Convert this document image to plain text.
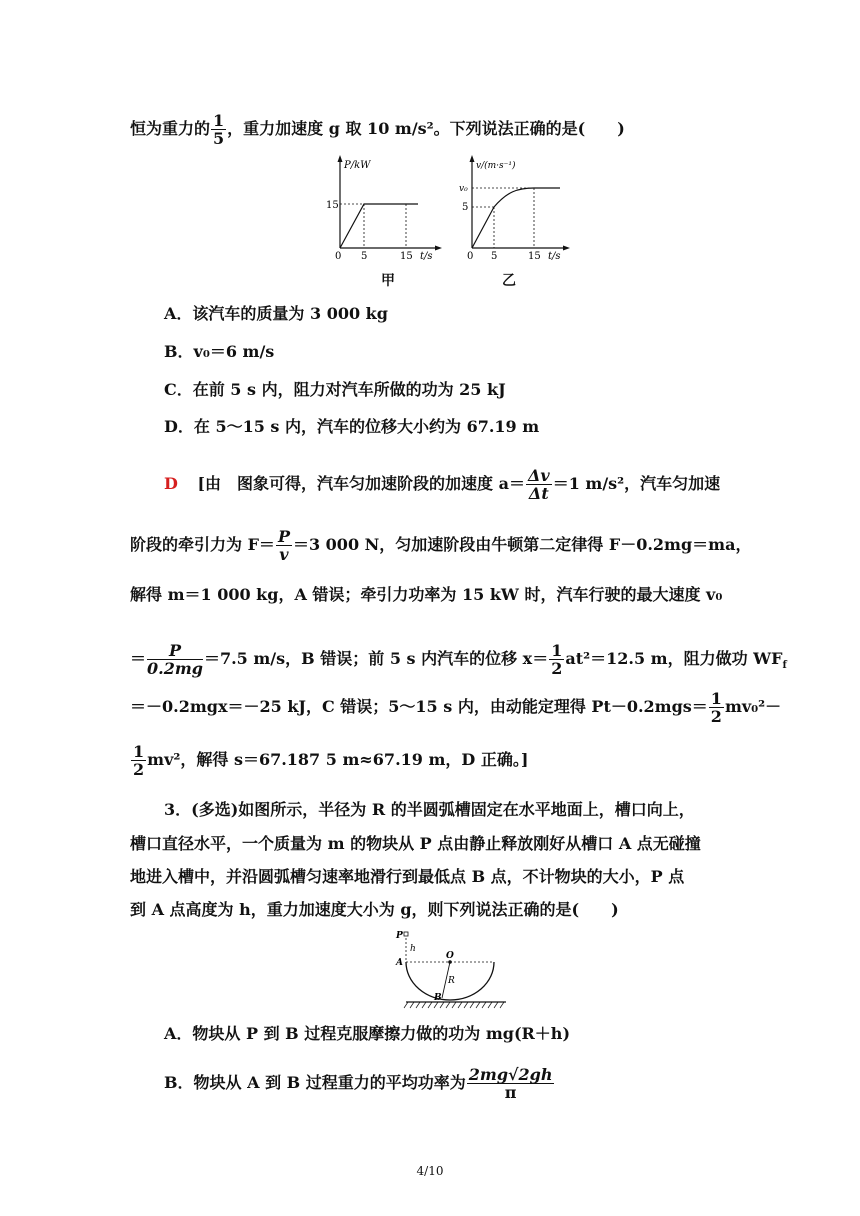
恒为重力的 $\frac{1}{5}$ ，重力加速度 g 取 10 m/s²。下列说法正确的是(　　)
P/kW
15
0 5	15 t/s
甲
v/(m·s⁻¹)
v₀
5
0 5	15 t/s
乙
A．该汽车的质量为 3 000 kg
B．v₀＝6 m/s
C．在前 5 s 内，阻力对汽车所做的功为 25 kJ
D．在 5～15 s 内，汽车的位移大小约为 67.19 m
D [由　图象可得，汽车匀加速阶段的加速度 $a= \frac{\Delta v}{\Delta t} =1$ m/s²，汽车匀加速
阶段的牵引力为 $F= \frac{P}{v} =3$ 000 N，匀加速阶段由牛顿第二定律得 F－0.2mg＝ma，
解得 m＝1 000 kg，A 错误；牵引力功率为 15 kW 时，汽车行驶的最大速度 v₀
＝ $\frac{P}{0.2mg} =7.5$ m/s，B 错误；前 5 s 内汽车的位移 $x= \frac{1}{2} at^2=12.5$ m，阻力做功 $WF_f$
＝－0.2mgx＝－25 kJ，C 错误；5～15 s 内，由动能定理得 $Pt-0.2mgs= \frac{1}{2} mv_0^2-$
$\frac{1}{2} mv^2$，解得 s＝67.187 5 m≈67.19 m，D 正确。]
3．(多选)如图所示，半径为 R 的半圆弧槽固定在水平地面上，槽口向上，
槽口直径水平，一个质量为 m 的物块从 P 点由静止释放刚好从槽口 A 点无碰撞
地进入槽中，并沿圆弧槽匀速率地滑行到最低点 B 点，不计物块的大小，P 点
到 A 点高度为 h，重力加速度大小为 g，则下列说法正确的是(　　)
P
h
A
O
R
B
A．物块从 P 到 B 过程克服摩擦力做的功为 mg(R＋h)
B．物块从 A 到 B 过程重力的平均功率为 $\frac{2mg√2gh}{\pi}$
4/10
